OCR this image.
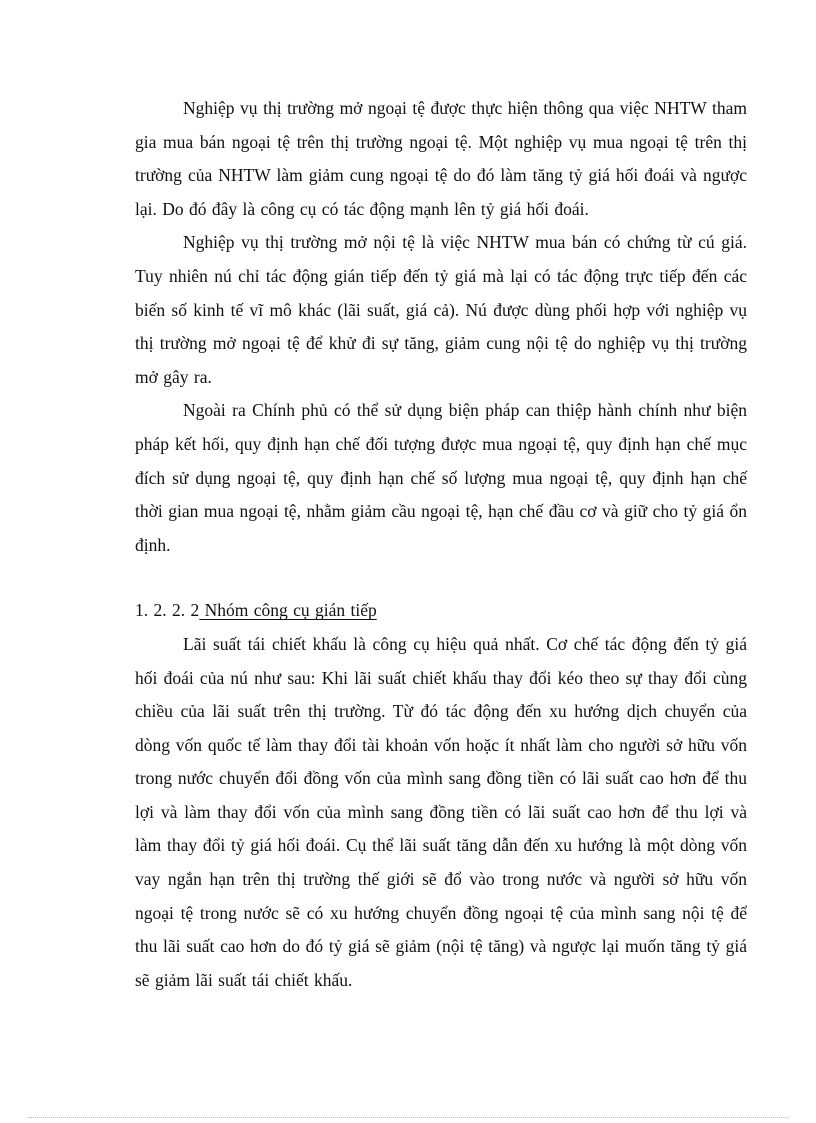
Nghiệp vụ thị trường mở ngoại tệ được thực hiện thông qua việc NHTW tham gia mua bán ngoại tệ trên thị trường ngoại tệ. Một nghiệp vụ mua ngoại tệ trên thị trường của NHTW làm giảm cung ngoại tệ do đó làm tăng tỷ giá hối đoái và ngược lại. Do đó đây là công cụ có tác động mạnh lên tỷ giá hối đoái.

Nghiệp vụ thị trường mở nội tệ là việc NHTW mua bán có chứng từ cú giá. Tuy nhiên nú chỉ tác động gián tiếp đến tỷ giá mà lại có tác động trực tiếp đến các biến số kinh tế vĩ mô khác (lãi suất, giá cả). Nú được dùng phối hợp với nghiệp vụ thị trường mở ngoại tệ để khử đi sự tăng, giảm cung nội tệ do nghiệp vụ thị trường mở gây ra.

Ngoài ra Chính phủ có thể sử dụng biện pháp can thiệp hành chính như biện pháp kết hối, quy định hạn chế đối tượng được mua ngoại tệ, quy định hạn chế mục đích sử dụng ngoại tệ, quy định hạn chế số lượng mua ngoại tệ, quy định hạn chế thời gian mua ngoại tệ, nhằm giảm cầu ngoại tệ, hạn chế đầu cơ và giữ cho tỷ giá ổn định.

1. 2. 2. 2 Nhóm công cụ gián tiếp

Lãi suất tái chiết khấu là công cụ hiệu quả nhất. Cơ chế tác động đến tỷ giá hối đoái của nú như sau: Khi lãi suất chiết khấu thay đổi kéo theo sự thay đổi cùng chiều của lãi suất trên thị trường. Từ đó tác động đến xu hướng dịch chuyển của dòng vốn quốc tế làm thay đổi tài khoản vốn hoặc ít nhất làm cho người sở hữu vốn trong nước chuyển đổi đồng vốn của mình sang đồng tiền có lãi suất cao hơn để thu lợi và làm thay đổi vốn của mình sang đồng tiền có lãi suất cao hơn để thu lợi và làm thay đổi tỷ giá hối đoái. Cụ thể lãi suất tăng dẫn đến xu hướng là một dòng vốn vay ngắn hạn trên thị trường thế giới sẽ đổ vào trong nước và người sở hữu vốn ngoại tệ trong nước sẽ có xu hướng chuyển đồng ngoại tệ của mình sang nội tệ để thu lãi suất cao hơn do đó tỷ giá sẽ giảm (nội tệ tăng) và ngược lại muốn tăng tỷ giá sẽ giảm lãi suất tái chiết khấu.
